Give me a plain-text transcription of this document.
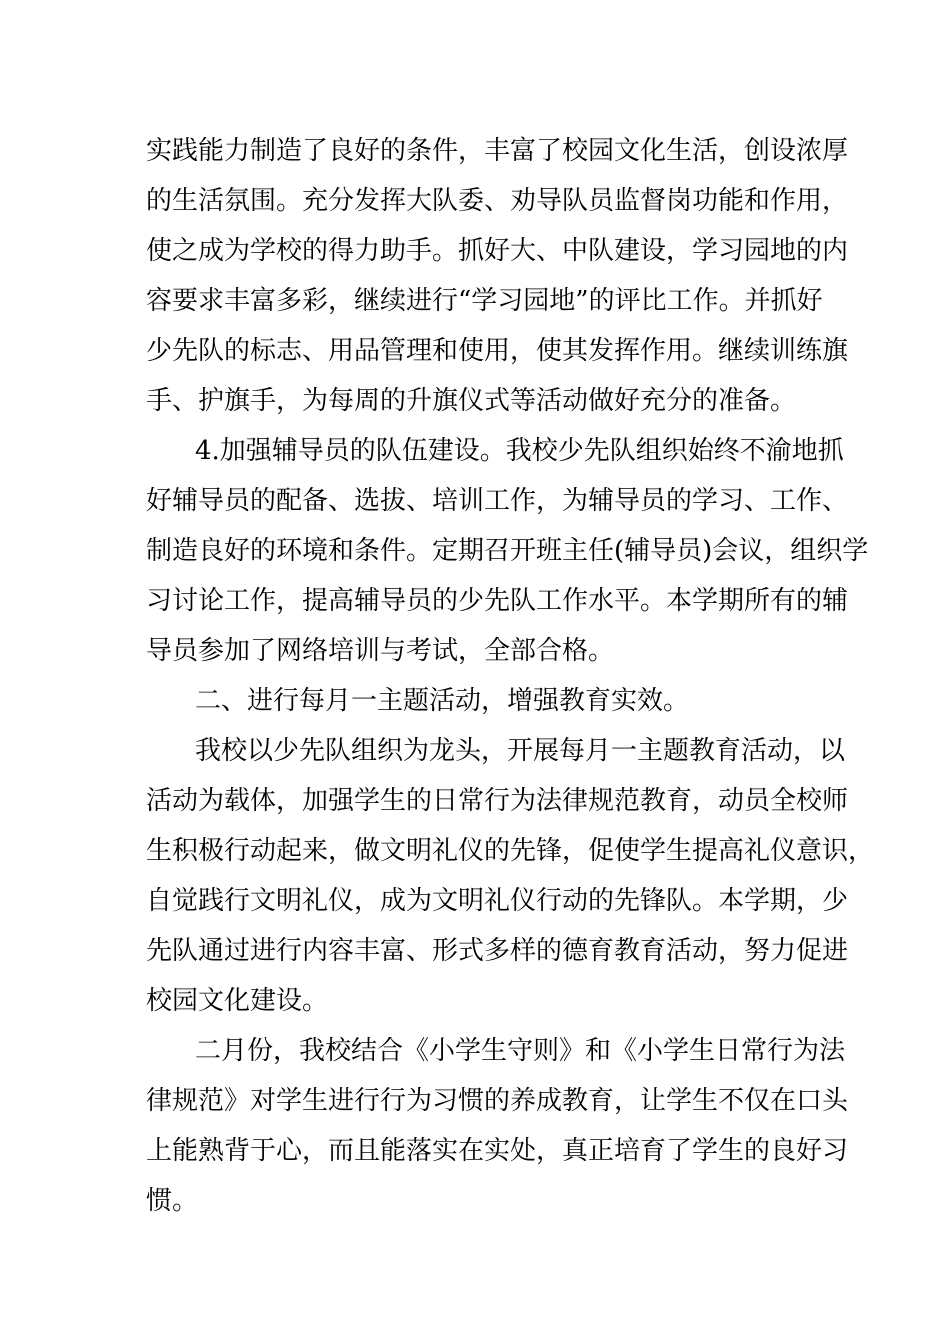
实践能力制造了良好的条件，丰富了校园文化生活，创设浓厚
的生活氛围。充分发挥大队委、劝导队员监督岗功能和作用，
使之成为学校的得力助手。抓好大、中队建设，学习园地的内
容要求丰富多彩，继续进行“学习园地”的评比工作。并抓好
少先队的标志、用品管理和使用，使其发挥作用。继续训练旗
手、护旗手，为每周的升旗仪式等活动做好充分的准备。
4.加强辅导员的队伍建设。我校少先队组织始终不渝地抓
好辅导员的配备、选拔、培训工作，为辅导员的学习、工作、
制造良好的环境和条件。定期召开班主任(辅导员)会议，组织学
习讨论工作，提高辅导员的少先队工作水平。本学期所有的辅
导员参加了网络培训与考试，全部合格。
二、进行每月一主题活动，增强教育实效。
我校以少先队组织为龙头，开展每月一主题教育活动，以
活动为载体，加强学生的日常行为法律规范教育，动员全校师
生积极行动起来，做文明礼仪的先锋，促使学生提高礼仪意识，
自觉践行文明礼仪，成为文明礼仪行动的先锋队。本学期，少
先队通过进行内容丰富、形式多样的德育教育活动，努力促进
校园文化建设。
二月份，我校结合《小学生守则》和《小学生日常行为法
律规范》对学生进行行为习惯的养成教育，让学生不仅在口头
上能熟背于心，而且能落实在实处，真正培育了学生的良好习
惯。
